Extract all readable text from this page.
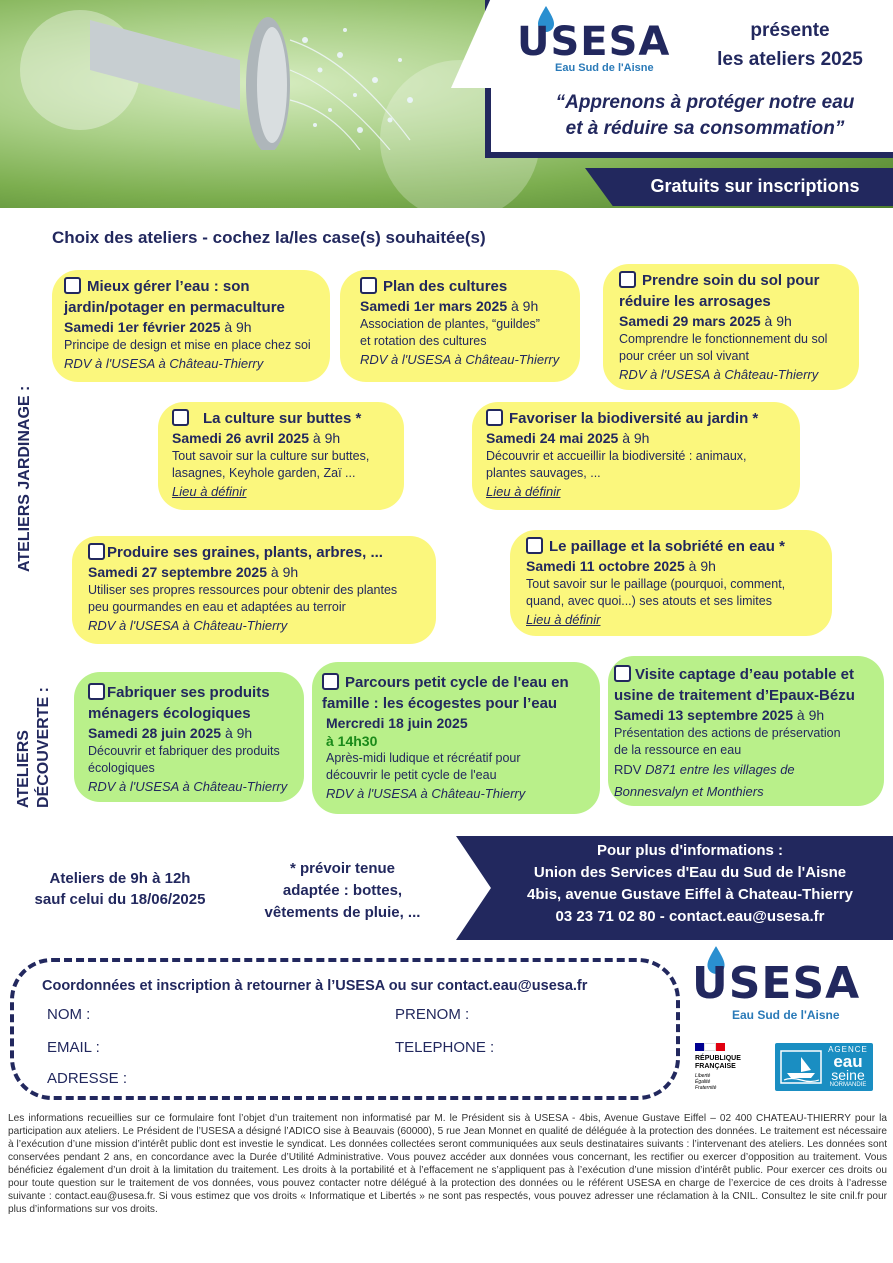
USESA
Eau Sud de l'Aisne
présente
les ateliers 2025
“Apprenons à protéger notre eau
et à réduire sa consommation”
Gratuits sur inscriptions
Choix des ateliers - cochez la/les case(s) souhaitée(s)
ATELIERS JARDINAGE :
ATELIERS DÉCOUVERTE :
Mieux gérer l’eau : son
jardin/potager en permaculture
Samedi 1er février 2025 à 9h
Principe de design et mise en place chez soi
RDV à l'USESA à Château-Thierry
Plan des cultures
Samedi 1er mars 2025 à 9h
Association de plantes, “guildes”
et rotation des cultures
RDV à l'USESA à Château-Thierry
Prendre soin du sol pour
réduire les arrosages
Samedi 29 mars 2025 à 9h
Comprendre le fonctionnement du sol
pour créer un sol vivant
RDV à l'USESA à Château-Thierry
La culture sur buttes *
Samedi 26 avril 2025 à 9h
Tout savoir sur la culture sur buttes,
lasagnes, Keyhole garden, Zaï ...
Lieu à définir
Favoriser la biodiversité au jardin *
Samedi 24 mai 2025 à 9h
Découvrir et accueillir la biodiversité : animaux,
plantes sauvages, ...
Lieu à définir
Produire ses graines, plants, arbres, ...
Samedi 27 septembre 2025 à 9h
Utiliser ses propres ressources pour obtenir des plantes
peu gourmandes en eau et adaptées au terroir
RDV à l'USESA à Château-Thierry
Le paillage et la sobriété en eau *
Samedi 11 octobre 2025 à 9h
Tout savoir sur le paillage (pourquoi, comment,
quand, avec quoi...) ses atouts et ses limites
Lieu à définir
Fabriquer ses produits
ménagers écologiques
Samedi 28 juin 2025 à 9h
Découvrir et fabriquer des produits
écologiques
RDV à l'USESA à Château-Thierry
Parcours petit cycle de l'eau en
famille : les écogestes pour l’eau
Mercredi 18 juin 2025
à 14h30
Après-midi ludique et récréatif pour
découvrir le petit cycle de l'eau
RDV à l'USESA à Château-Thierry
Visite captage d’eau potable et
usine de traitement d’Epaux-Bézu
Samedi 13 septembre 2025 à 9h
Présentation des actions de préservation
de la ressource en eau
RDV D871 entre les villages de
Bonnesvalyn et Monthiers
Ateliers de 9h à 12h
sauf celui du 18/06/2025
* prévoir tenue
adaptée : bottes,
vêtements de pluie, ...
Pour plus d'informations :
Union des Services d'Eau du Sud de l'Aisne
4bis, avenue Gustave Eiffel à Chateau-Thierry
03 23 71 02 80 - contact.eau@usesa.fr
Coordonnées et inscription à retourner à l’USESA ou sur contact.eau@usesa.fr
NOM :	PRENOM :
EMAIL :	TELEPHONE :
ADRESSE :
USESA
Eau Sud de l'Aisne
RÉPUBLIQUE
FRANÇAISE
Liberté
Égalité
Fraternité
AGENCE
eau
seine
NORMANDIE
Les informations recueillies sur ce formulaire font l’objet d’un traitement non informatisé par M. le Président sis à USESA - 4bis, Avenue Gustave Eiffel – 02 400 CHATEAU-THIERRY pour la participation aux ateliers. Le Président de l’USESA a désigné l’ADICO sise à Beauvais (60000), 5 rue Jean Monnet en qualité de déléguée à la protection des données. Le traitement est nécessaire à l’exécution d’une mission d’intérêt public dont est investie le syndicat. Les données collectées seront communiquées aux seuls destinataires suivants : l’intervenant des ateliers. Les données sont conservées pendant 2 ans, en concordance avec la Durée d’Utilité Administrative. Vous pouvez accéder aux données vous concernant, les rectifier ou exercer d’opposition au traitement. Vous bénéficiez également d’un droit à la limitation du traitement. Les droits à la portabilité et à l’effacement ne s’appliquent pas à l’exécution d’une mission d’intérêt public. Pour exercer ces droits ou pour toute question sur le traitement de vos données, vous pouvez contacter notre délégué à la protection des données ou le référent USESA en charge de l’exercice de ces droits à l’adresse suivante : contact.eau@usesa.fr. Si vous estimez que vos droits « Informatique et Libertés » ne sont pas respectés, vous pouvez adresser une réclamation à la CNIL. Consultez le site cnil.fr pour plus d’informations sur vos droits.
